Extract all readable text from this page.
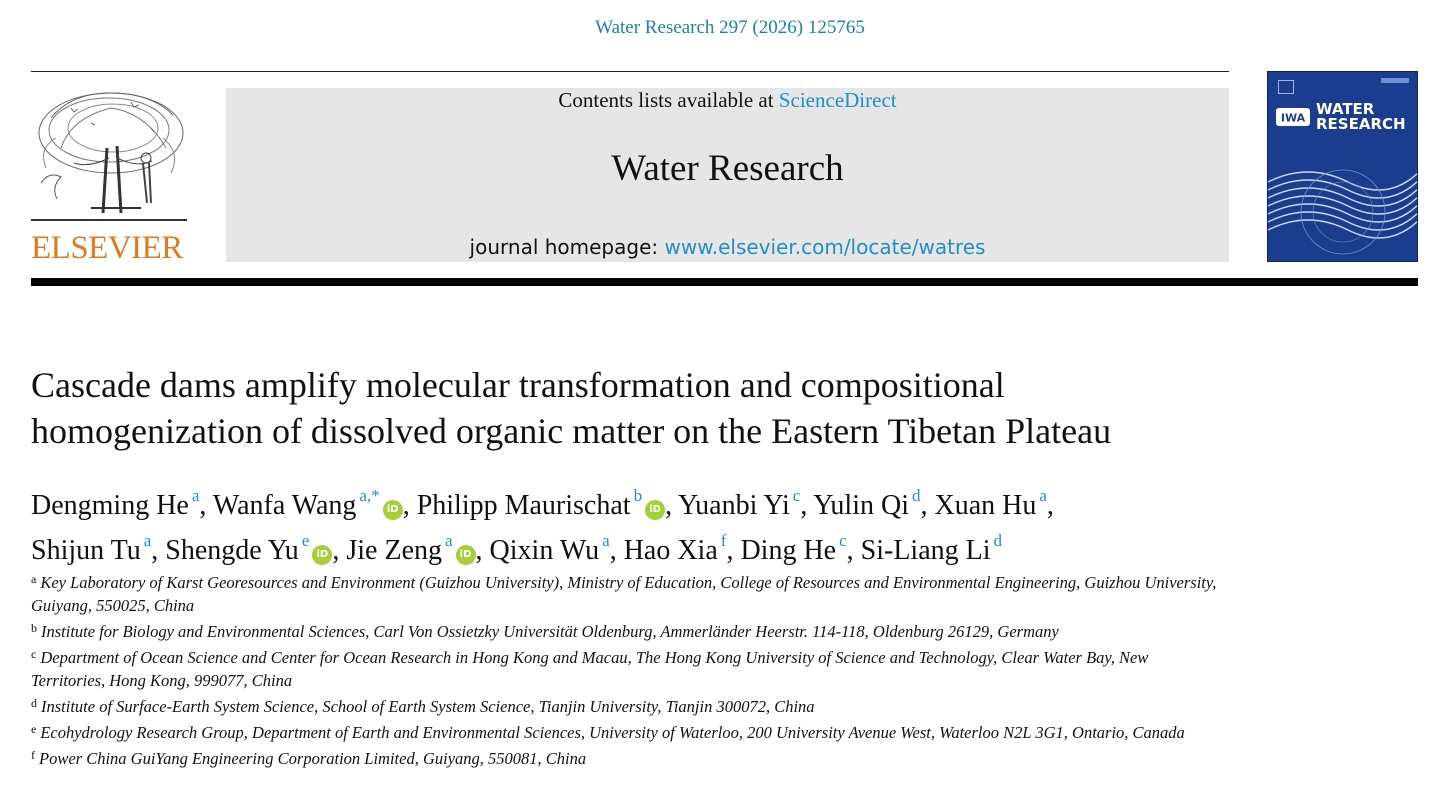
Water Research 297 (2026) 125765
ELSEVIER
Contents lists available at ScienceDirect
Water Research
journal homepage: www.elsevier.com/locate/watres
IWA WATER
RESEARCH
Cascade dams amplify molecular transformation and compositional
homogenization of dissolved organic matter on the Eastern Tibetan Plateau
Dengming He $^a$, Wanfa Wang $^{a,*}$iD , Philipp Maurischat $^b$iD , Yuanbi Yi $^c$, Yulin Qi $^d$, Xuan Hu $^a$,
Shijun Tu $^a$, Shengde Yu $^e$iD , Jie Zeng $^a$iD , Qixin Wu $^a$, Hao Xia $^f$, Ding He $^c$, Si-Liang Li $^d$
$^a$ Key Laboratory of Karst Georesources and Environment (Guizhou University), Ministry of Education, College of Resources and Environmental Engineering, Guizhou University, Guiyang, 550025, China
$^b$ Institute for Biology and Environmental Sciences, Carl Von Ossietzky Universität Oldenburg, Ammerländer Heerstr. 114-118, Oldenburg 26129, Germany
$^c$ Department of Ocean Science and Center for Ocean Research in Hong Kong and Macau, The Hong Kong University of Science and Technology, Clear Water Bay, New Territories, Hong Kong, 999077, China
$^d$ Institute of Surface-Earth System Science, School of Earth System Science, Tianjin University, Tianjin 300072, China
$^e$ Ecohydrology Research Group, Department of Earth and Environmental Sciences, University of Waterloo, 200 University Avenue West, Waterloo N2L 3G1, Ontario, Canada
$^f$ Power China GuiYang Engineering Corporation Limited, Guiyang, 550081, China
